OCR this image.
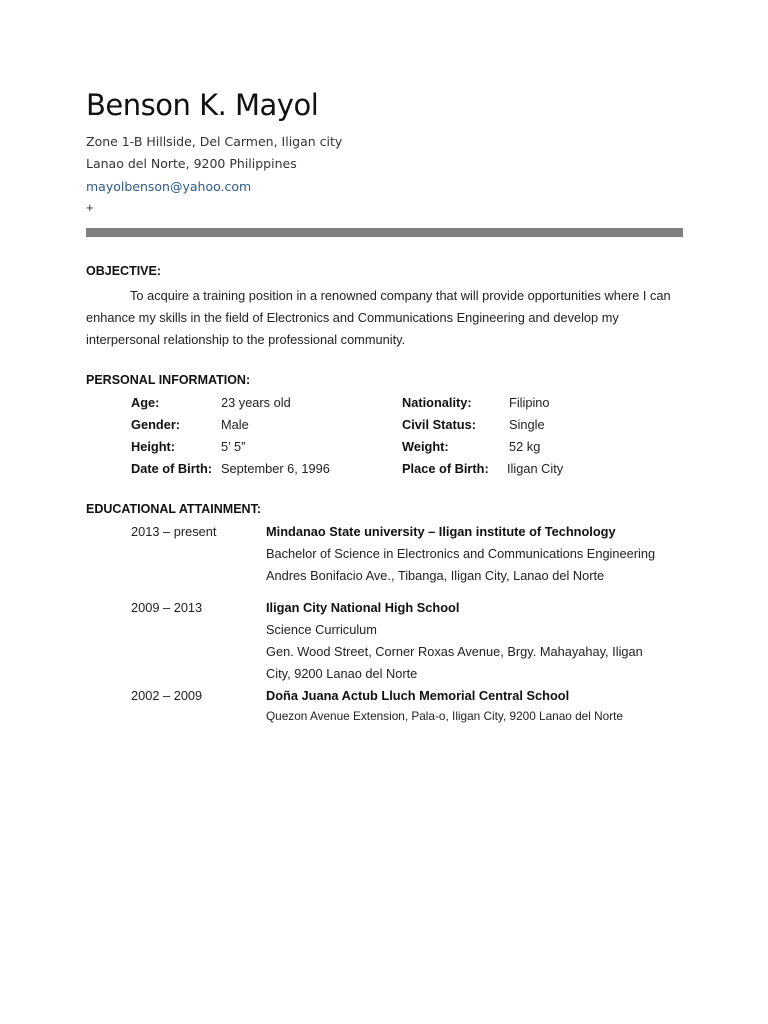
Benson K. Mayol
Zone 1-B Hillside, Del Carmen, Iligan city
Lanao del Norte, 9200 Philippines
mayolbenson@yahoo.com
+
OBJECTIVE:
To acquire a training position in a renowned company that will provide opportunities where I can enhance my skills in the field of Electronics and Communications Engineering and develop my interpersonal relationship to the professional community.
PERSONAL INFORMATION:
Age:	23 years old	Nationality:	Filipino
Gender:	Male	Civil Status:	Single
Height:	5’ 5”	Weight:	52 kg
Date of Birth: September 6, 1996	Place of Birth: Iligan City
EDUCATIONAL ATTAINMENT:
2013 – present	Mindanao State university – Iligan institute of Technology
Bachelor of Science in Electronics and Communications Engineering
Andres Bonifacio Ave., Tibanga, Iligan City, Lanao del Norte
2009 – 2013	Iligan City National High School
Science Curriculum
Gen. Wood Street, Corner Roxas Avenue, Brgy. Mahayahay, Iligan
City, 9200 Lanao del Norte
2002 – 2009	Doña Juana Actub Lluch Memorial Central School
Quezon Avenue Extension, Pala-o, Iligan City, 9200 Lanao del Norte
